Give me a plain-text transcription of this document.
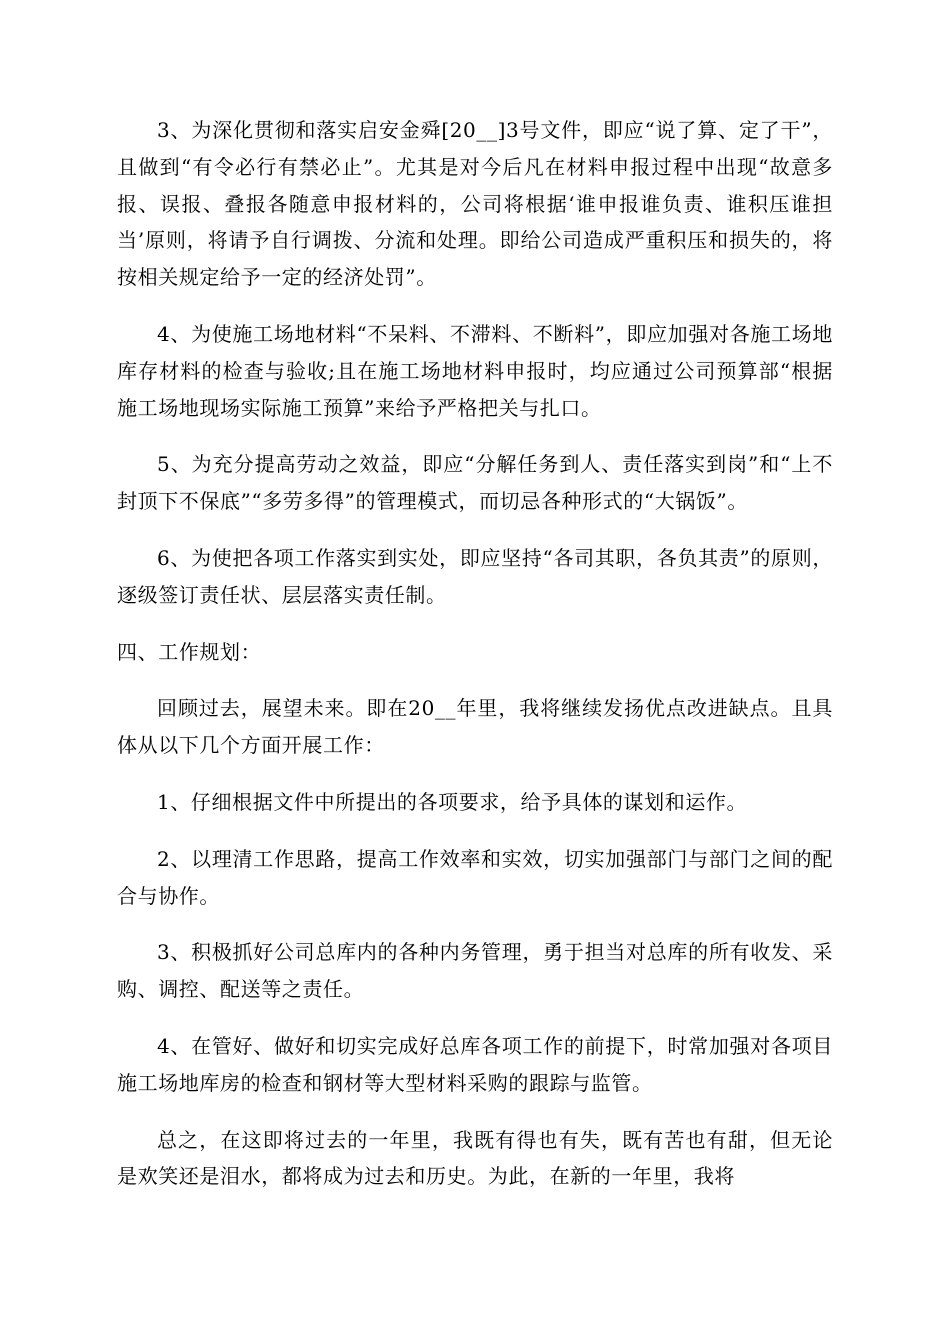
3、为深化贯彻和落实启安金舜[20__]3号文件，即应“说了算、定了干”，且做到“有令必行有禁必止”。尤其是对今后凡在材料申报过程中出现“故意多报、误报、叠报各随意申报材料的，公司将根据‘谁申报谁负责、谁积压谁担当’原则，将请予自行调拨、分流和处理。即给公司造成严重积压和损失的，将按相关规定给予一定的经济处罚”。

4、为使施工场地材料“不呆料、不滞料、不断料”，即应加强对各施工场地库存材料的检查与验收;且在施工场地材料申报时，均应通过公司预算部“根据施工场地现场实际施工预算”来给予严格把关与扎口。

5、为充分提高劳动之效益，即应“分解任务到人、责任落实到岗”和“上不封顶下不保底”“多劳多得”的管理模式，而切忌各种形式的“大锅饭”。

6、为使把各项工作落实到实处，即应坚持“各司其职，各负其责”的原则，逐级签订责任状、层层落实责任制。

四、工作规划：

回顾过去，展望未来。即在20__年里，我将继续发扬优点改进缺点。且具体从以下几个方面开展工作：

1、仔细根据文件中所提出的各项要求，给予具体的谋划和运作。

2、以理清工作思路，提高工作效率和实效，切实加强部门与部门之间的配合与协作。

3、积极抓好公司总库内的各种内务管理，勇于担当对总库的所有收发、采购、调控、配送等之责任。

4、在管好、做好和切实完成好总库各项工作的前提下，时常加强对各项目施工场地库房的检查和钢材等大型材料采购的跟踪与监管。

总之，在这即将过去的一年里，我既有得也有失，既有苦也有甜，但无论是欢笑还是泪水，都将成为过去和历史。为此，在新的一年里，我将
